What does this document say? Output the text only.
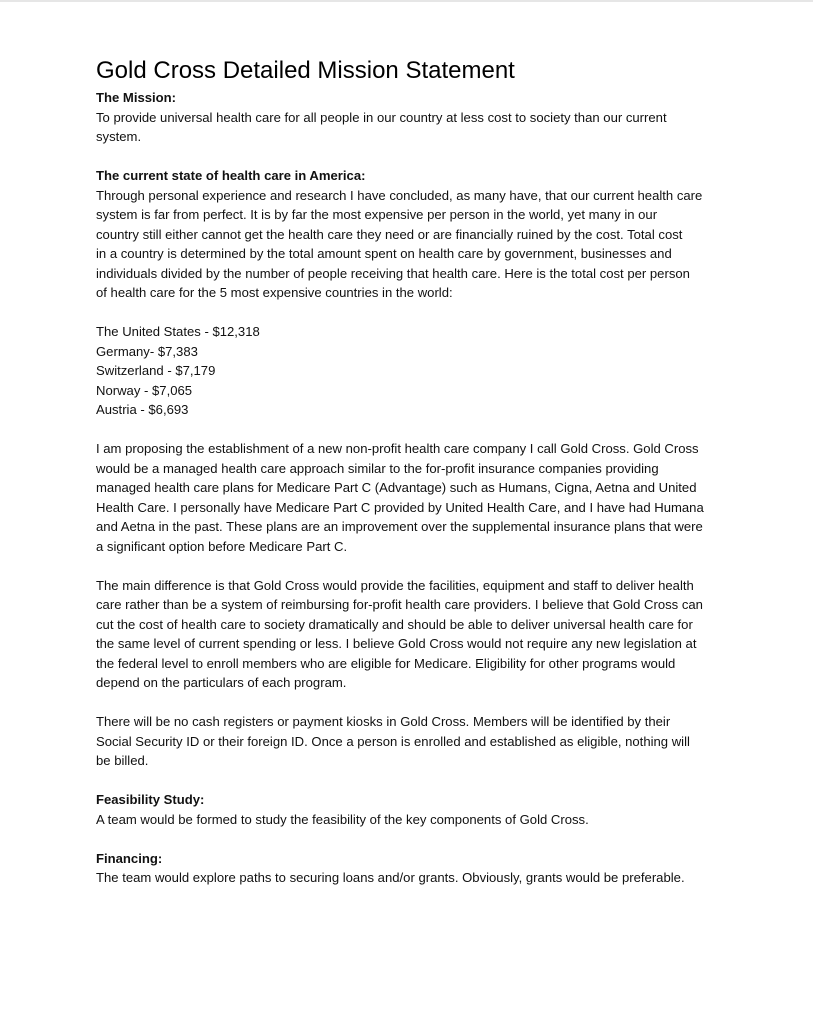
Gold Cross Detailed Mission Statement

The Mission:

To provide universal health care for all people in our country at less cost to society than our current

system.

The current state of health care in America:

Through personal experience and research I have concluded, as many have, that our current health care

system is far from perfect. It is by far the most expensive per person in the world, yet many in our

country still either cannot get the health care they need or are financially ruined by the cost. Total cost

in a country is determined by the total amount spent on health care by government, businesses and

individuals divided by the number of people receiving that health care. Here is the total cost per person

of health care for the 5 most expensive countries in the world:

The United States - $12,318
Germany- $7,383
Switzerland - $7,179
Norway - $7,065
Austria - $6,693

I am proposing the establishment of a new non-profit health care company I call Gold Cross. Gold Cross

would be a managed health care approach similar to the for-profit insurance companies providing

managed health care plans for Medicare Part C (Advantage) such as Humans, Cigna, Aetna and United

Health Care. I personally have Medicare Part C provided by United Health Care, and I have had Humana

and Aetna in the past. These plans are an improvement over the supplemental insurance plans that were

a significant option before Medicare Part C.

The main difference is that Gold Cross would provide the facilities, equipment and staff to deliver health

care rather than be a system of reimbursing for-profit health care providers. I believe that Gold Cross can

cut the cost of health care to society dramatically and should be able to deliver universal health care for

the same level of current spending or less. I believe Gold Cross would not require any new legislation at

the federal level to enroll members who are eligible for Medicare. Eligibility for other programs would

depend on the particulars of each program.

There will be no cash registers or payment kiosks in Gold Cross. Members will be identified by their

Social Security ID or their foreign ID. Once a person is enrolled and established as eligible, nothing will

be billed.

Feasibility Study:

A team would be formed to study the feasibility of the key components of Gold Cross.

Financing:

The team would explore paths to securing loans and/or grants. Obviously, grants would be preferable.
